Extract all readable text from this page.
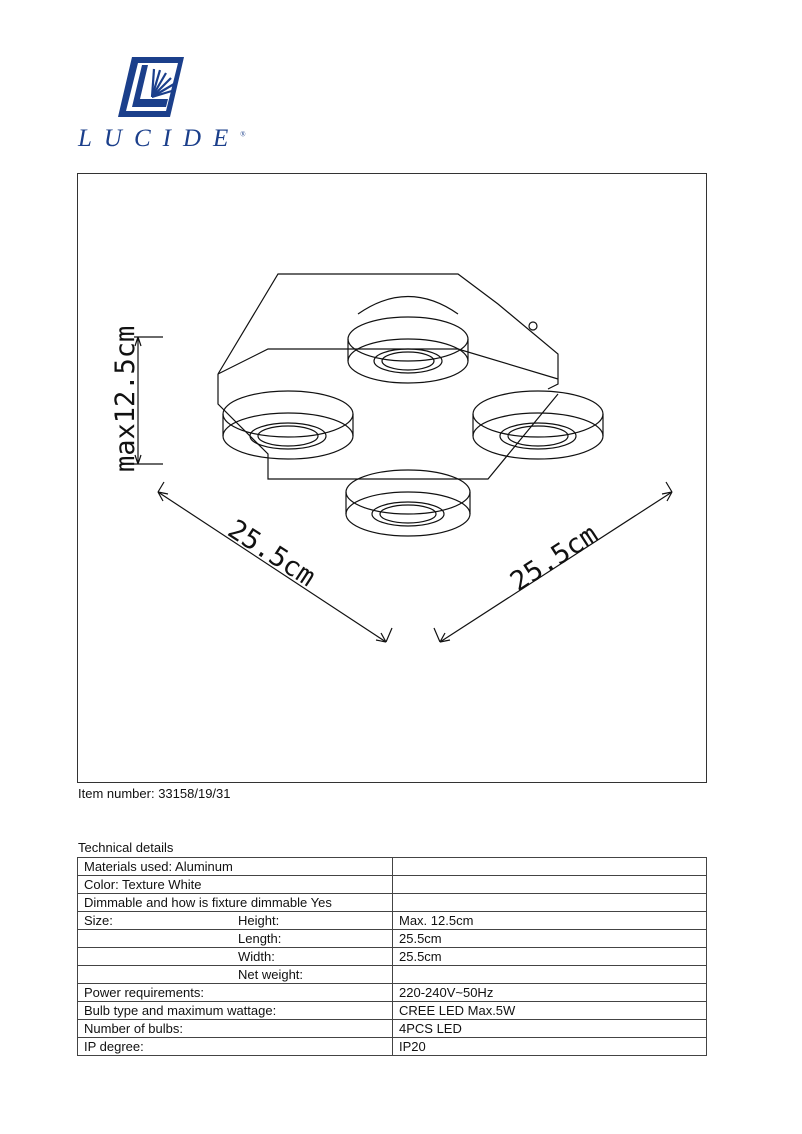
LUCIDE®
max12.5cm
25.5cm	25.5cm
Item number: 33158/19/31
Technical details
Materials used: Aluminum	
Color: Texture White	
Dimmable and how is fixture dimmable Yes	
Size: Height:	Max. 12.5cm
Length:	25.5cm
Width:	25.5cm
Net weight:	
Power requirements:	220-240V~50Hz
Bulb type and maximum wattage:	CREE LED Max.5W
Number of bulbs:	4PCS LED
IP degree:	IP20
